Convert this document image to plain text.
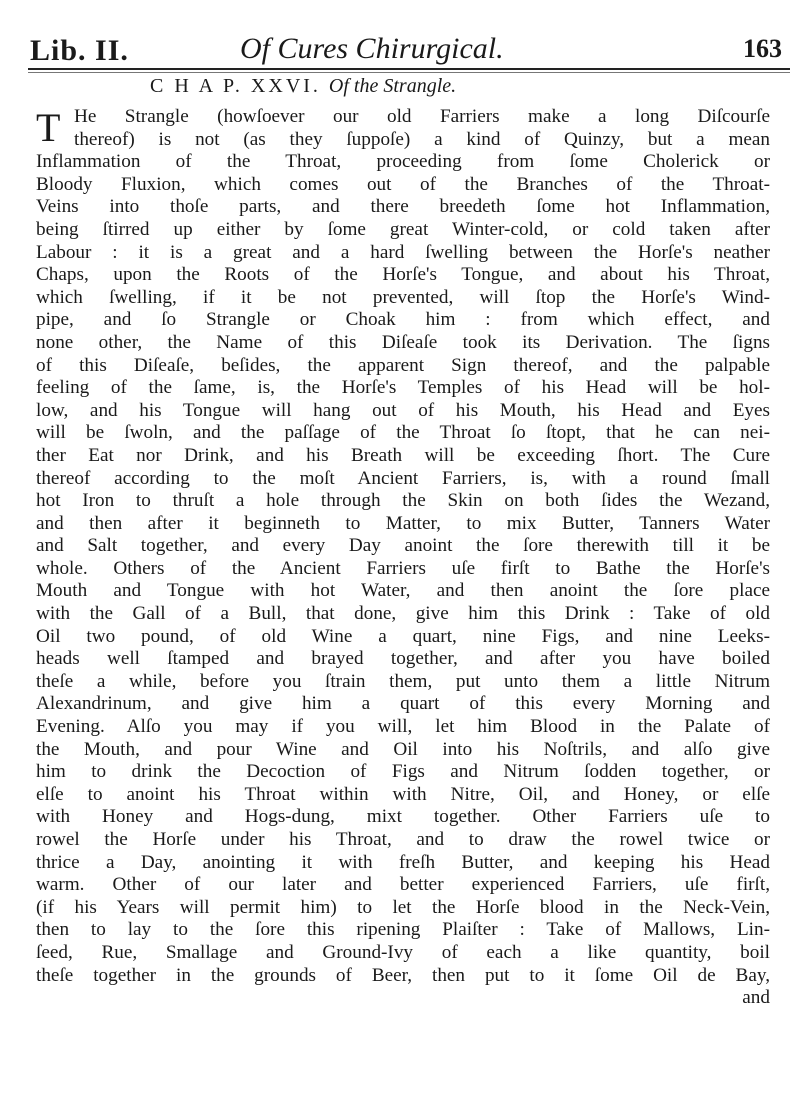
Lib. II.	Of Cures Chirurgical.	163
C H A P. XXVI. Of the Strangle.
T He Strangle (howſoever our old Farriers make a long Diſcourſe
thereof) is not (as they ſuppoſe) a kind of Quinzy, but a mean
Inflammation of the Throat, proceeding from ſome Cholerick or
Bloody Fluxion, which comes out of the Branches of the Throat-
Veins into thoſe parts, and there breedeth ſome hot Inflammation,
being ſtirred up either by ſome great Winter-cold, or cold taken after
Labour : it is a great and a hard ſwelling between the Horſe's neather
Chaps, upon the Roots of the Horſe's Tongue, and about his Throat,
which ſwelling, if it be not prevented, will ſtop the Horſe's Wind-
pipe, and ſo Strangle or Choak him : from which effect, and
none other, the Name of this Diſeaſe took its Derivation. The ſigns
of this Diſeaſe, beſides, the apparent Sign thereof, and the palpable
feeling of the ſame, is, the Horſe's Temples of his Head will be hol-
low, and his Tongue will hang out of his Mouth, his Head and Eyes
will be ſwoln, and the paſſage of the Throat ſo ſtopt, that he can nei-
ther Eat nor Drink, and his Breath will be exceeding ſhort. The Cure
thereof according to the moſt Ancient Farriers, is, with a round ſmall
hot Iron to thruſt a hole through the Skin on both ſides the Wezand,
and then after it beginneth to Matter, to mix Butter, Tanners Water
and Salt together, and every Day anoint the ſore therewith till it be
whole. Others of the Ancient Farriers uſe firſt to Bathe the Horſe's
Mouth and Tongue with hot Water, and then anoint the ſore place
with the Gall of a Bull, that done, give him this Drink : Take of old
Oil two pound, of old Wine a quart, nine Figs, and nine Leeks-
heads well ſtamped and brayed together, and after you have boiled
theſe a while, before you ſtrain them, put unto them a little Nitrum
Alexandrinum, and give him a quart of this every Morning and
Evening. Alſo you may if you will, let him Blood in the Palate of
the Mouth, and pour Wine and Oil into his Noſtrils, and alſo give
him to drink the Decoction of Figs and Nitrum ſodden together, or
elſe to anoint his Throat within with Nitre, Oil, and Honey, or elſe
with Honey and Hogs-dung, mixt together. Other Farriers uſe to
rowel the Horſe under his Throat, and to draw the rowel twice or
thrice a Day, anointing it with freſh Butter, and keeping his Head
warm. Other of our later and better experienced Farriers, uſe firſt,
(if his Years will permit him) to let the Horſe blood in the Neck-Vein,
then to lay to the ſore this ripening Plaiſter : Take of Mallows, Lin-
ſeed, Rue, Smallage and Ground-Ivy of each a like quantity, boil
theſe together in the grounds of Beer, then put to it ſome Oil de Bay,
and
